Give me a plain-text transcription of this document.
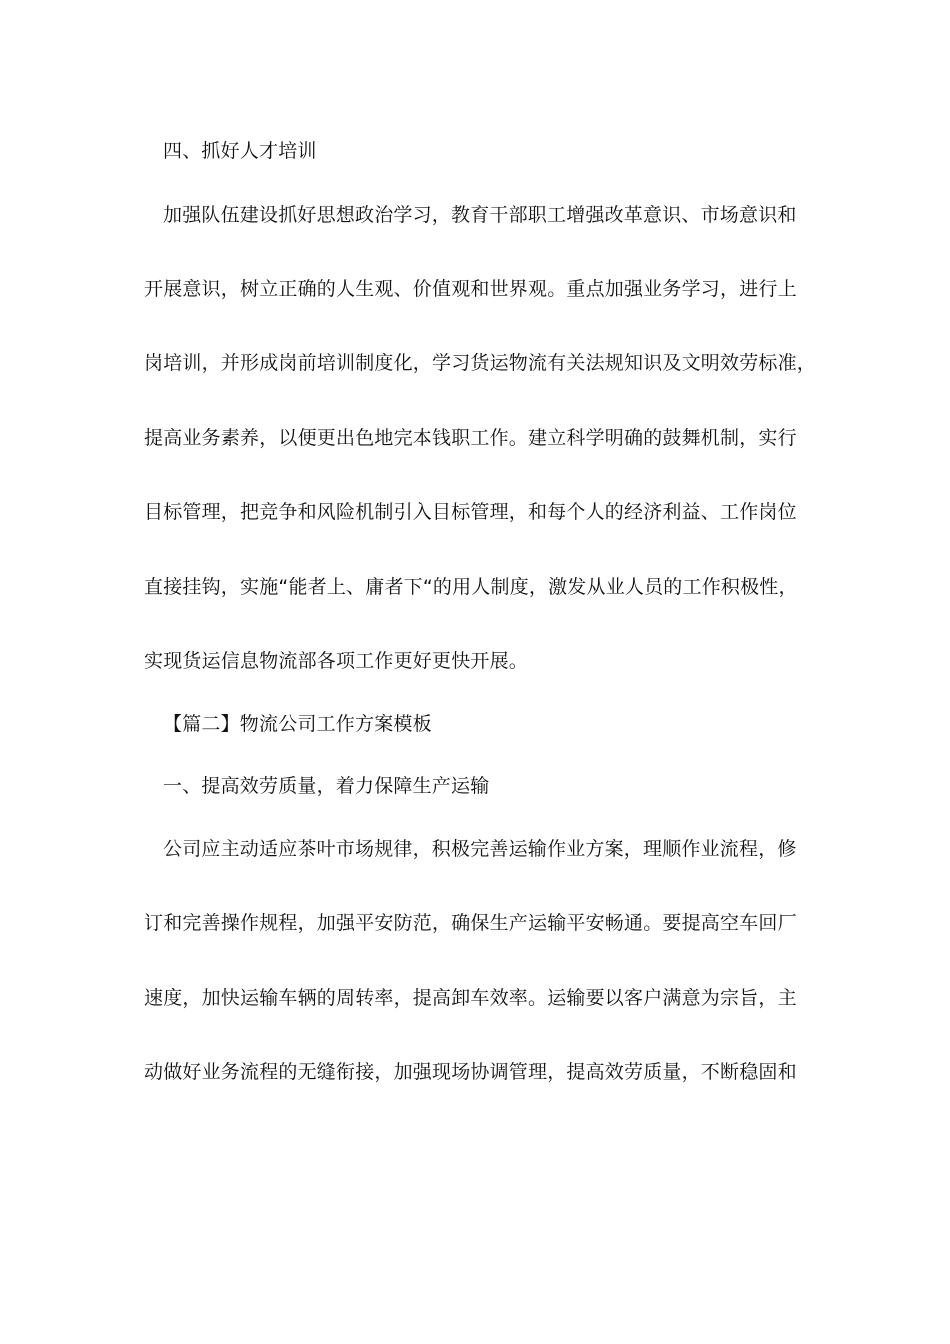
四、抓好人才培训
加强队伍建设抓好思想政治学习，教育干部职工增强改革意识、市场意识和
开展意识，树立正确的人生观、价值观和世界观。重点加强业务学习，进行上
岗培训，并形成岗前培训制度化，学习货运物流有关法规知识及文明效劳标准，
提高业务素养，以便更出色地完本钱职工作。建立科学明确的鼓舞机制，实行
目标管理，把竞争和风险机制引入目标管理，和每个人的经济利益、工作岗位
直接挂钩，实施“能者上、庸者下“的用人制度，激发从业人员的工作积极性，
实现货运信息物流部各项工作更好更快开展。
【篇二】物流公司工作方案模板
一、提高效劳质量，着力保障生产运输
公司应主动适应茶叶市场规律，积极完善运输作业方案，理顺作业流程，修
订和完善操作规程，加强平安防范，确保生产运输平安畅通。要提高空车回厂
速度，加快运输车辆的周转率，提高卸车效率。运输要以客户满意为宗旨，主
动做好业务流程的无缝衔接，加强现场协调管理，提高效劳质量，不断稳固和
